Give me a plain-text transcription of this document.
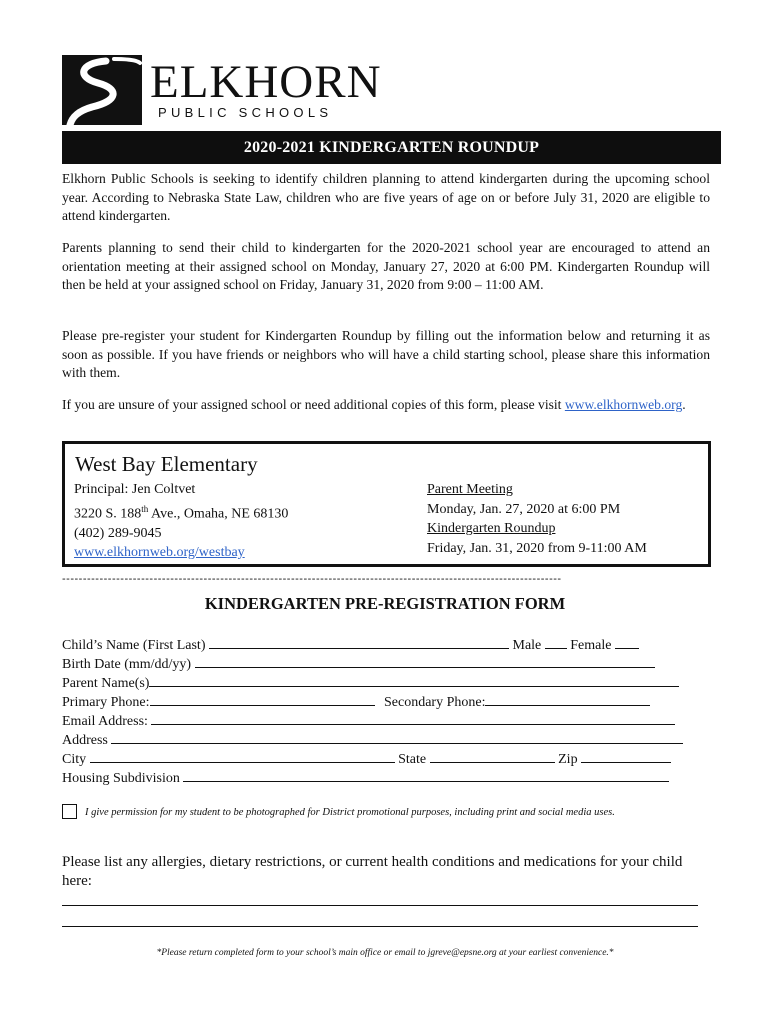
ELKHORN
PUBLIC SCHOOLS
2020-2021 KINDERGARTEN ROUNDUP
Elkhorn Public Schools is seeking to identify children planning to attend kindergarten during the upcoming school year. According to Nebraska State Law, children who are five years of age on or before July 31, 2020 are eligible to attend kindergarten.
Parents planning to send their child to kindergarten for the 2020-2021 school year are encouraged to attend an orientation meeting at their assigned school on Monday, January 27, 2020 at 6:00 PM. Kindergarten Roundup will then be held at your assigned school on Friday, January 31, 2020 from 9:00 – 11:00 AM.
Please pre-register your student for Kindergarten Roundup by filling out the information below and returning it as soon as possible. If you have friends or neighbors who will have a child starting school, please share this information with them.
If you are unsure of your assigned school or need additional copies of this form, please visit www.elkhornweb.org.
West Bay Elementary
Principal: Jen Coltvet
3220 S. 188th Ave., Omaha, NE 68130
(402) 289-9045
www.elkhornweb.org/westbay
Parent Meeting
Monday, Jan. 27, 2020 at 6:00 PM
Kindergarten Roundup
Friday, Jan. 31, 2020 from 9-11:00 AM
------------------------------------------------------------------------------------------------------------------------
KINDERGARTEN PRE-REGISTRATION FORM
Child’s Name (First Last)	Male Female
Birth Date (mm/dd/yy)
Parent Name(s)
Primary Phone:	Secondary Phone:
Email Address:
Address
City	State	Zip
Housing Subdivision
I give permission for my student to be photographed for District promotional purposes, including print and social media uses.
Please list any allergies, dietary restrictions, or current health conditions and medications for your child here:
*Please return completed form to your school’s main office or email to jgreve@epsne.org at your earliest convenience.*
